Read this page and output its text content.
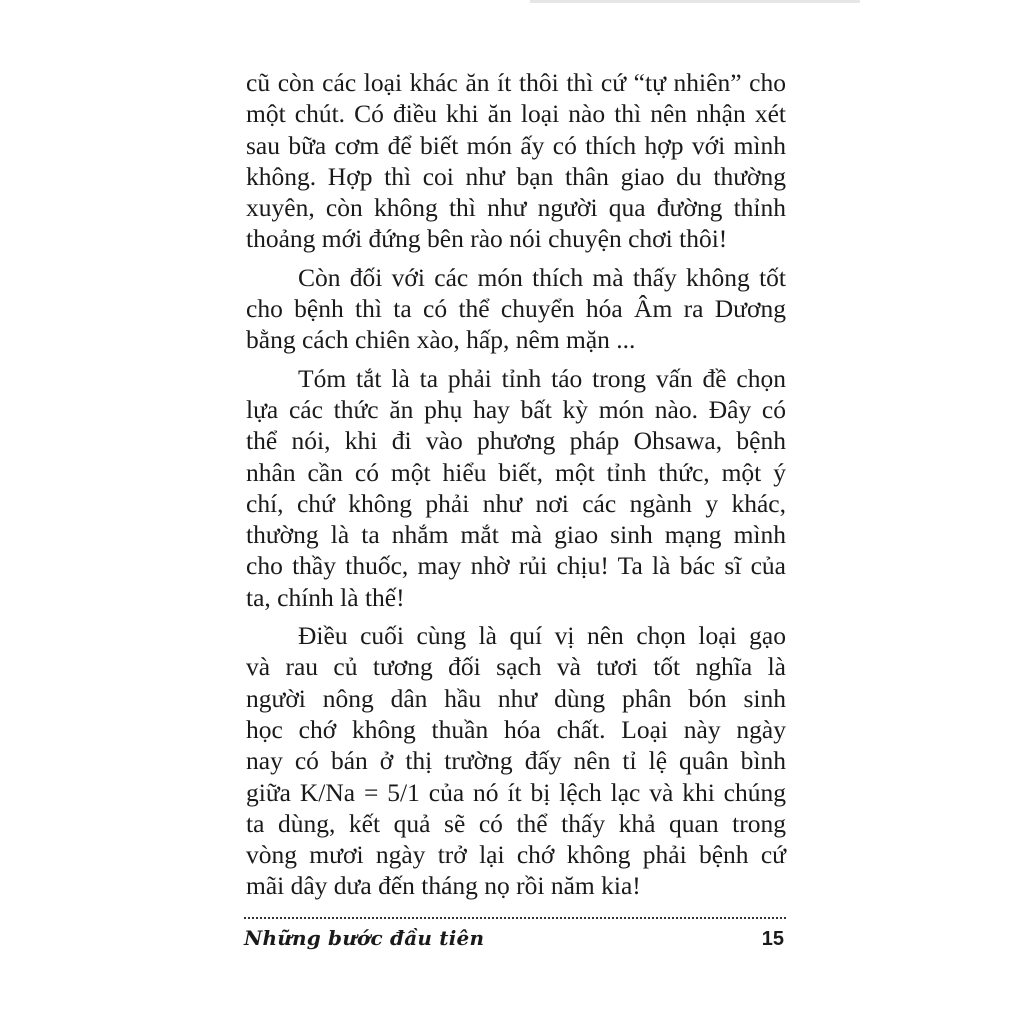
cũ còn các loại khác ăn ít thôi thì cứ “tự nhiên” cho
một chút. Có điều khi ăn loại nào thì nên nhận xét
sau bữa cơm để biết món ấy có thích hợp với mình
không. Hợp thì coi như bạn thân giao du thường
xuyên, còn không thì như người qua đường thỉnh
thoảng mới đứng bên rào nói chuyện chơi thôi!
Còn đối với các món thích mà thấy không tốt
cho bệnh thì ta có thể chuyển hóa Âm ra Dương
bằng cách chiên xào, hấp, nêm mặn ...
Tóm tắt là ta phải tỉnh táo trong vấn đề chọn
lựa các thức ăn phụ hay bất kỳ món nào. Đây có
thể nói, khi đi vào phương pháp Ohsawa, bệnh
nhân cần có một hiểu biết, một tỉnh thức, một ý
chí, chứ không phải như nơi các ngành y khác,
thường là ta nhắm mắt mà giao sinh mạng mình
cho thầy thuốc, may nhờ rủi chịu! Ta là bác sĩ của
ta, chính là thế!
Điều cuối cùng là quí vị nên chọn loại gạo
và rau củ tương đối sạch và tươi tốt nghĩa là
người nông dân hầu như dùng phân bón sinh
học chớ không thuần hóa chất. Loại này ngày
nay có bán ở thị trường đấy nên tỉ lệ quân bình
giữa K/Na = 5/1 của nó ít bị lệch lạc và khi chúng
ta dùng, kết quả sẽ có thể thấy khả quan trong
vòng mươi ngày trở lại chớ không phải bệnh cứ
mãi dây dưa đến tháng nọ rồi năm kia!
Những bước đầu tiên	15
